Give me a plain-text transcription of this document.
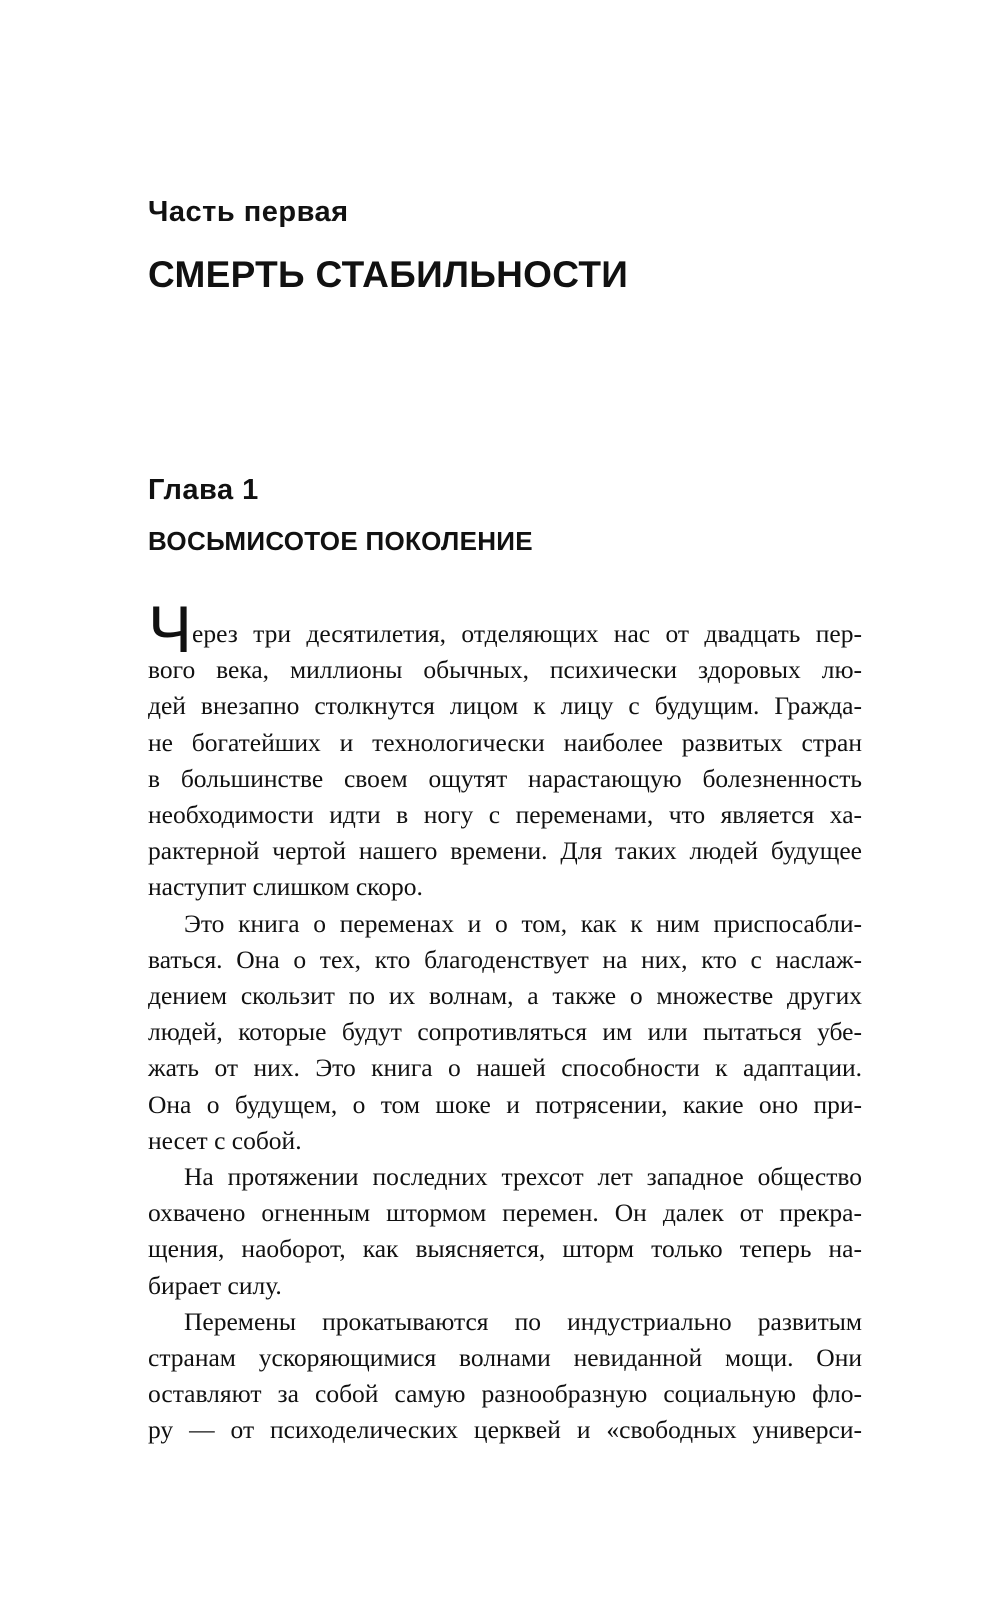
Часть первая
СМЕРТЬ СТАБИЛЬНОСТИ
Глава 1
ВОСЬМИСОТОЕ ПОКОЛЕНИЕ
Ч ерез три десятилетия, отделяющих нас от двадцать пер-
вого века, миллионы обычных, психически здоровых лю-
дей внезапно столкнутся лицом к лицу с будущим. Гражда-
не богатейших и технологически наиболее развитых стран
в большинстве своем ощутят нарастающую болезненность
необходимости идти в ногу с переменами, что является ха-
рактерной чертой нашего времени. Для таких людей будущее
наступит слишком скоро.
Это книга о переменах и о том, как к ним приспосабли-
ваться. Она о тех, кто благоденствует на них, кто с наслаж-
дением скользит по их волнам, а также о множестве других
людей, которые будут сопротивляться им или пытаться убе-
жать от них. Это книга о нашей способности к адаптации.
Она о будущем, о том шоке и потрясении, какие оно при-
несет с собой.
На протяжении последних трехсот лет западное общество
охвачено огненным штормом перемен. Он далек от прекра-
щения, наоборот, как выясняется, шторм только теперь на-
бирает силу.
Перемены прокатываются по индустриально развитым
странам ускоряющимися волнами невиданной мощи. Они
оставляют за собой самую разнообразную социальную фло-
ру — от психоделических церквей и «свободных универси-
